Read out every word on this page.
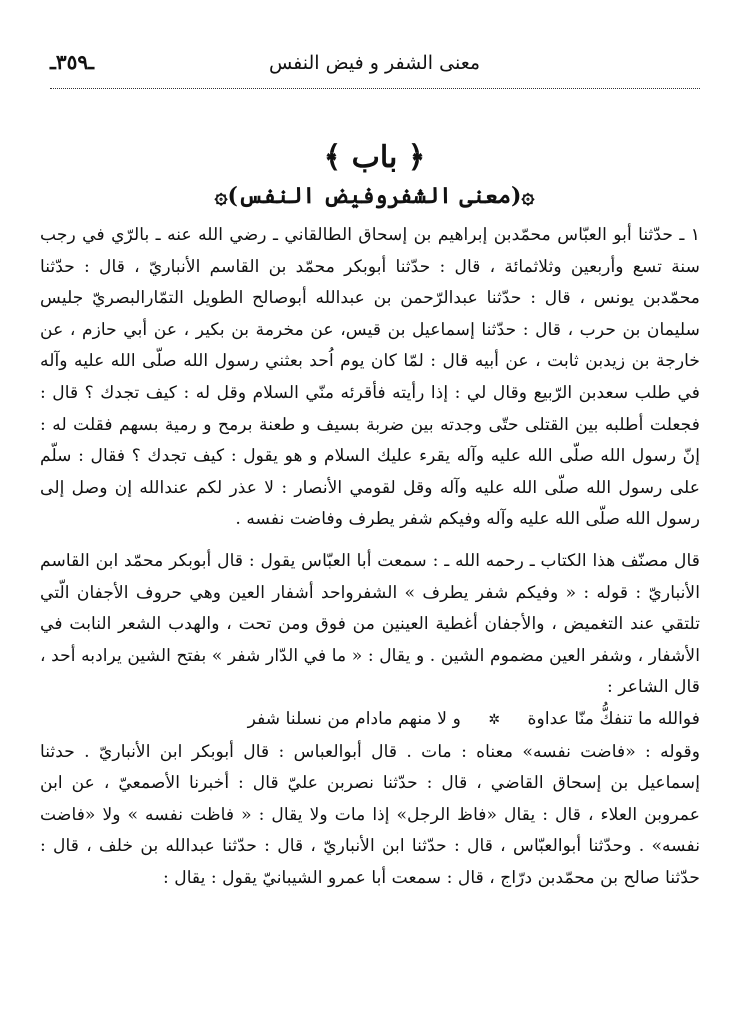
معنى الشفر و فيض النفس
ـ٣٥٩ـ
﴿ باب ﴾
۞(معنى الشفروفيض النفس)۞

١ ـ حدّثنا أبو العبّاس محمّدبن إبراهيم بن إسحاق الطالقاني ـ رضي الله عنه ـ بالرّي في رجب سنة تسع وأربعين وثلاثمائة ، قال : حدّثنا أبوبكر محمّد بن القاسم الأنباريّ ، قال : حدّثنا محمّدبن يونس ، قال : حدّثنا عبدالرّحمن بن عبدالله أبوصالح الطويل التمّارالبصريّ جليس سليمان بن حرب ، قال : حدّثنا إسماعيل بن قيس، عن مخرمة بن بكير ، عن أبي حازم ، عن خارجة بن زيدبن ثابت ، عن أبيه قال : لمّا كان يوم اُحد بعثني رسول الله صلّى الله عليه وآله في طلب سعدبن الرّبيع وقال لي : إذا رأيته فأقرئه منّي السلام وقل له : كيف تجدك ؟ قال : فجعلت أطلبه بين القتلى حتّى وجدته بين ضربة بسيف و طعنة برمح و رمية بسهم فقلت له : إنّ رسول الله صلّى الله عليه وآله يقرء عليك السلام و هو يقول : كيف تجدك ؟ فقال : سلّم على رسول الله صلّى الله عليه وآله وقل لقومي الأنصار : لا عذر لكم عندالله إن وصل إلى رسول الله صلّى الله عليه وآله وفيكم شفر يطرف وفاضت نفسه .

قال مصنّف هذا الكتاب ـ رحمه الله ـ : سمعت أبا العبّاس يقول : قال أبوبكر محمّد ابن القاسم الأنباريّ : قوله : « وفيكم شفر يطرف » الشفرواحد أشفار العين وهي حروف الأجفان الّتي تلتقي عند التغميض ، والأجفان أغطية العينين من فوق ومن تحت ، والهدب الشعر النابت في الأشفار ، وشفر العين مضموم الشين . و يقال : « ما في الدّار شفر » بفتح الشين يرادبه أحد ، قال الشاعر :

فوالله ما تنفكُّ منّا عداوة ✲ و لا منهم مادام من نسلنا شفر

وقوله : «فاضت نفسه» معناه : مات . قال أبوالعباس : قال أبوبكر ابن الأنباريّ . حدثنا إسماعيل بن إسحاق القاضي ، قال : حدّثنا نصربن عليّ قال : أخبرنا الأصمعيّ ، عن ابن عمروبن العلاء ، قال : يقال «فاظ الرجل» إذا مات ولا يقال : « فاظت نفسه » ولا «فاضت نفسه» . وحدّثنا أبوالعبّاس ، قال : حدّثنا ابن الأنباريّ ، قال : حدّثنا عبدالله بن خلف ، قال : حدّثنا صالح بن محمّدبن درّاج ، قال : سمعت أبا عمرو الشيبانيّ يقول : يقال :
